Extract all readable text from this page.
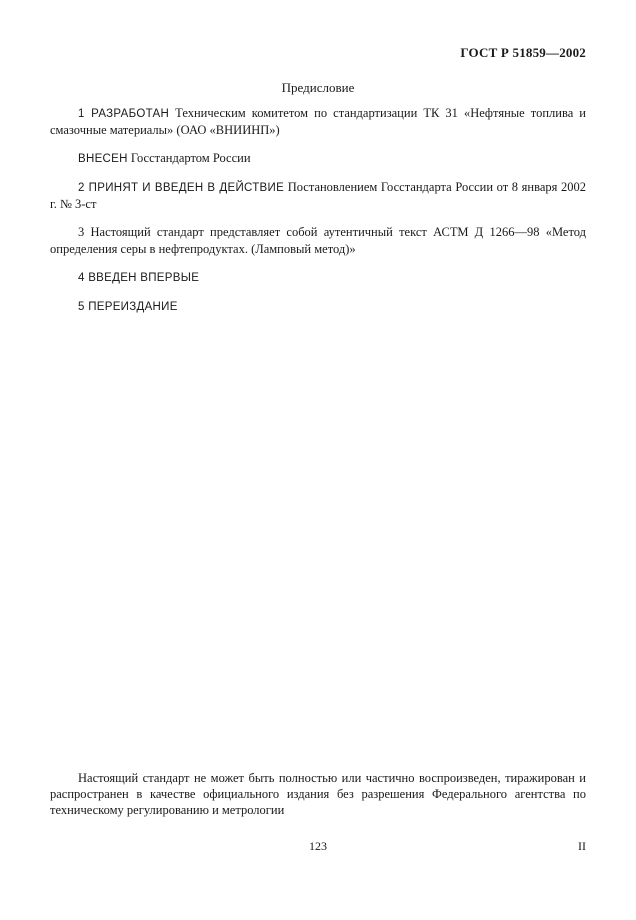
ГОСТ Р 51859—2002
Предисловие

1 РАЗРАБОТАН Техническим комитетом по стандартизации ТК 31 «Нефтяные топлива и смазочные материалы» (ОАО «ВНИИНП»)

ВНЕСЕН Госстандартом России

2 ПРИНЯТ И ВВЕДЕН В ДЕЙСТВИЕ Постановлением Госстандарта России от 8 января 2002 г. № 3-ст

3 Настоящий стандарт представляет собой аутентичный текст АСТМ Д 1266—98 «Метод определения серы в нефтепродуктах. (Ламповый метод)»

4 ВВЕДЕН ВПЕРВЫЕ

5 ПЕРЕИЗДАНИЕ

Настоящий стандарт не может быть полностью или частично воспроизведен, тиражирован и распространен в качестве официального издания без разрешения Федерального агентства по техническому регулированию и метрологии

123	II
